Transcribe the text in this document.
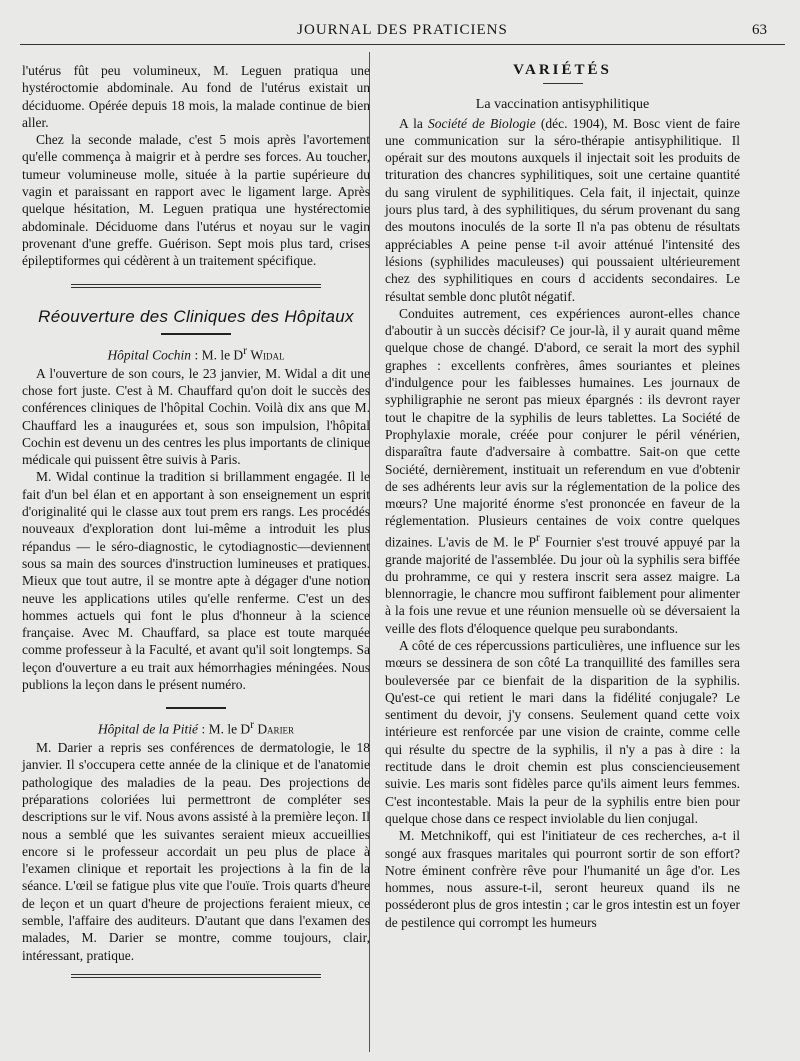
JOURNAL DES PRATICIENS	63

l'utérus fût peu volumineux, M. Leguen pratiqua une hystéroctomie abdominale. Au fond de l'utérus existait un déciduome. Opérée depuis 18 mois, la malade continue de bien aller.

Chez la seconde malade, c'est 5 mois après l'avortement qu'elle commença à maigrir et à perdre ses forces. Au toucher, tumeur volumineuse molle, située à la partie supérieure du vagin et paraissant en rapport avec le ligament large. Après quelque hésitation, M. Leguen pratiqua une hystérectomie abdominale. Déciduome dans l'utérus et noyau sur le vagin provenant d'une greffe. Guérison. Sept mois plus tard, crises épileptiformes qui cédèrent à un traitement spécifique.

Réouverture des Cliniques des Hôpitaux
Hôpital Cochin : M. le $D^r$ Widal

A l'ouverture de son cours, le 23 janvier, M. Widal a dit une chose fort juste. C'est à M. Chauffard qu'on doit le succès des conférences cliniques de l'hôpital Cochin. Voilà dix ans que M. Chauffard les a inaugurées et, sous son impulsion, l'hôpital Cochin est devenu un des centres les plus importants de clinique médicale qui puissent être suivis à Paris.

M. Widal continue la tradition si brillamment engagée. Il le fait d'un bel élan et en apportant à son enseignement un esprit d'originalité qui le classe aux tout prem ers rangs. Les procédés nouveaux d'exploration dont lui-même a introduit les plus répandus — le séro-diagnostic, le cytodiagnostic—deviennent sous sa main des sources d'instruction lumineuses et pratiques. Mieux que tout autre, il se montre apte à dégager d'une notion neuve les applications utiles qu'elle renferme. C'est un des hommes actuels qui font le plus d'honneur à la science française. Avec M. Chauffard, sa place est toute marquée comme professeur à la Faculté, et avant qu'il soit longtemps. Sa leçon d'ouverture a eu trait aux hémorrhagies méningées. Nous publions la leçon dans le présent numéro.

Hôpital de la Pitié : M. le $D^r$ Darier

M. Darier a repris ses conférences de dermatologie, le 18 janvier. Il s'occupera cette année de la clinique et de l'anatomie pathologique des maladies de la peau. Des projections de préparations coloriées lui permettront de compléter ses descriptions sur le vif. Nous avons assisté à la première leçon. Il nous a semblé que les suivantes seraient mieux accueillies encore si le professeur accordait un peu plus de place à l'examen clinique et reportait les projections à la fin de la séance. L'œil se fatigue plus vite que l'ouïe. Trois quarts d'heure de leçon et un quart d'heure de projections feraient mieux, ce semble, l'affaire des auditeurs. D'autant que dans l'examen des malades, M. Darier se montre, comme toujours, clair, intéressant, pratique.

VARIÉTÉS
La vaccination antisyphilitique

A la Société de Biologie (déc. 1904), M. Bosc vient de faire une communication sur la séro-thérapie antisyphilitique. Il opérait sur des moutons auxquels il injectait soit les produits de trituration des chancres syphilitiques, soit une certaine quantité du sang virulent de syphilitiques. Cela fait, il injectait, quinze jours plus tard, à des syphilitiques, du sérum provenant du sang des moutons inoculés de la sorte Il n'a pas obtenu de résultats appréciables A peine pense t-il avoir atténué l'intensité des lésions (syphilides maculeuses) qui poussaient ultérieurement chez des syphilitiques en cours d accidents secondaires. Le résultat semble donc plutôt négatif.

Conduites autrement, ces expériences auront-elles chance d'aboutir à un succès décisif? Ce jour-là, il y aurait quand même quelque chose de changé. D'abord, ce serait la mort des syphil graphes : excellents confrères, âmes souriantes et pleines d'indulgence pour les faiblesses humaines. Les journaux de syphiligraphie ne seront pas mieux épargnés : ils devront rayer tout le chapitre de la syphilis de leurs tablettes. La Société de Prophylaxie morale, créée pour conjurer le péril vénérien, disparaîtra faute d'adversaire à combattre. Sait-on que cette Société, dernièrement, instituait un referendum en vue d'obtenir de ses adhérents leur avis sur la réglementation de la police des mœurs? Une majorité énorme s'est prononcée en faveur de la réglementation. Plusieurs centaines de voix contre quelques dizaines. L'avis de M. le $P^r$ Fournier s'est trouvé appuyé par la grande majorité de l'assemblée. Du jour où la syphilis sera biffée du prohramme, ce qui y restera inscrit sera assez maigre. La blennorragie, le chancre mou suffiront faiblement pour alimenter à la fois une revue et une réunion mensuelle où se déversaient la veille des flots d'éloquence quelque peu surabondants.

A côté de ces répercussions particulières, une influence sur les mœurs se dessinera de son côté La tranquillité des familles sera bouleversée par ce bienfait de la disparition de la syphilis. Qu'est-ce qui retient le mari dans la fidélité conjugale? Le sentiment du devoir, j'y consens. Seulement quand cette voix intérieure est renforcée par une vision de crainte, comme celle qui résulte du spectre de la syphilis, il n'y a pas à dire : la rectitude dans le droit chemin est plus consciencieusement suivie. Les maris sont fidèles parce qu'ils aiment leurs femmes. C'est incontestable. Mais la peur de la syphilis entre bien pour quelque chose dans ce respect inviolable du lien conjugal.

M. Metchnikoff, qui est l'initiateur de ces recherches, a-t il songé aux frasques maritales qui pourront sortir de son effort? Notre éminent confrère rêve pour l'humanité un âge d'or. Les hommes, nous assure-t-il, seront heureux quand ils ne posséderont plus de gros intestin ; car le gros intestin est un foyer de pestilence qui corrompt les humeurs
